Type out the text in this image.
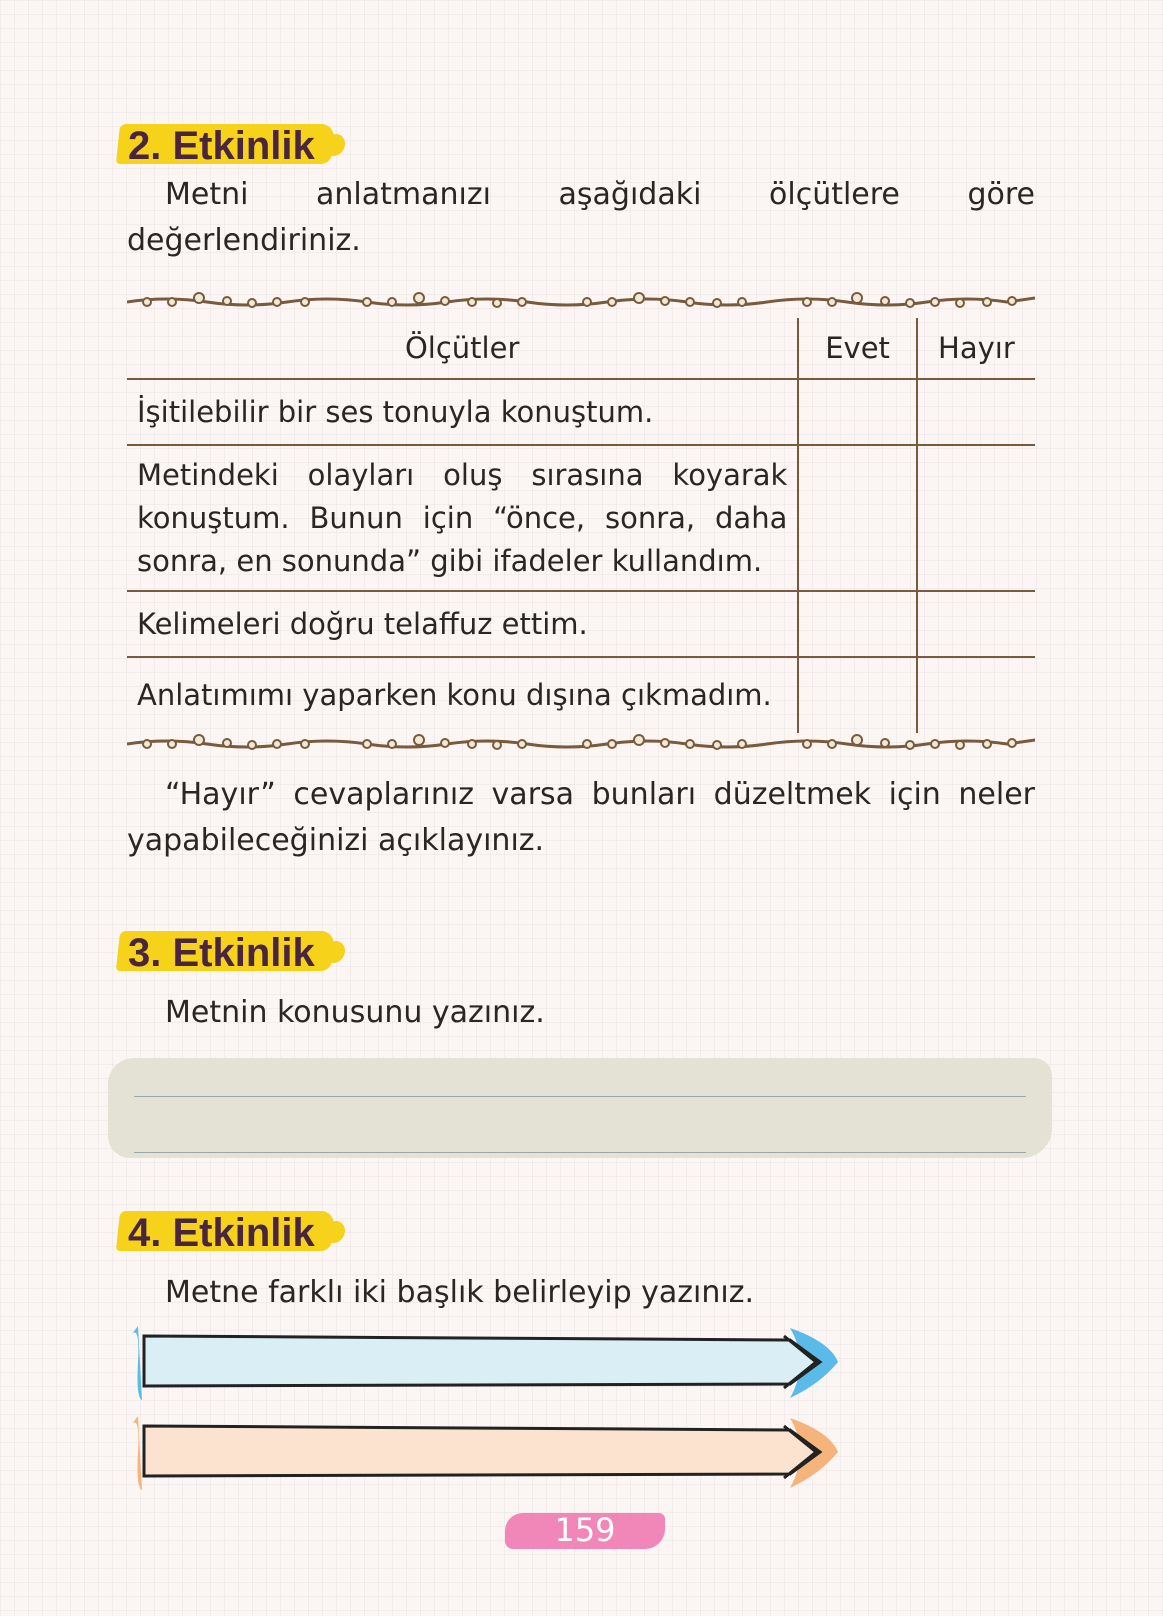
2. Etkinlik

Metni anlatmanızı aşağıdaki ölçütlere göre değerlendiriniz.

Ölçütler	Evet	Hayır
İşitilebilir bir ses tonuyla konuştum.		
Metindeki olayları oluş sırasına koyarak konuştum. Bunun için “önce, sonra, daha sonra, en sonunda” gibi ifadeler kullandım.		
Kelimeleri doğru telaffuz ettim.		
Anlatımımı yaparken konu dışına çıkmadım.		

“Hayır” cevaplarınız varsa bunları düzeltmek için neler yapabileceğinizi açıklayınız.

3. Etkinlik

Metnin konusunu yazınız.

4. Etkinlik

Metne farklı iki başlık belirleyip yazınız.

159
